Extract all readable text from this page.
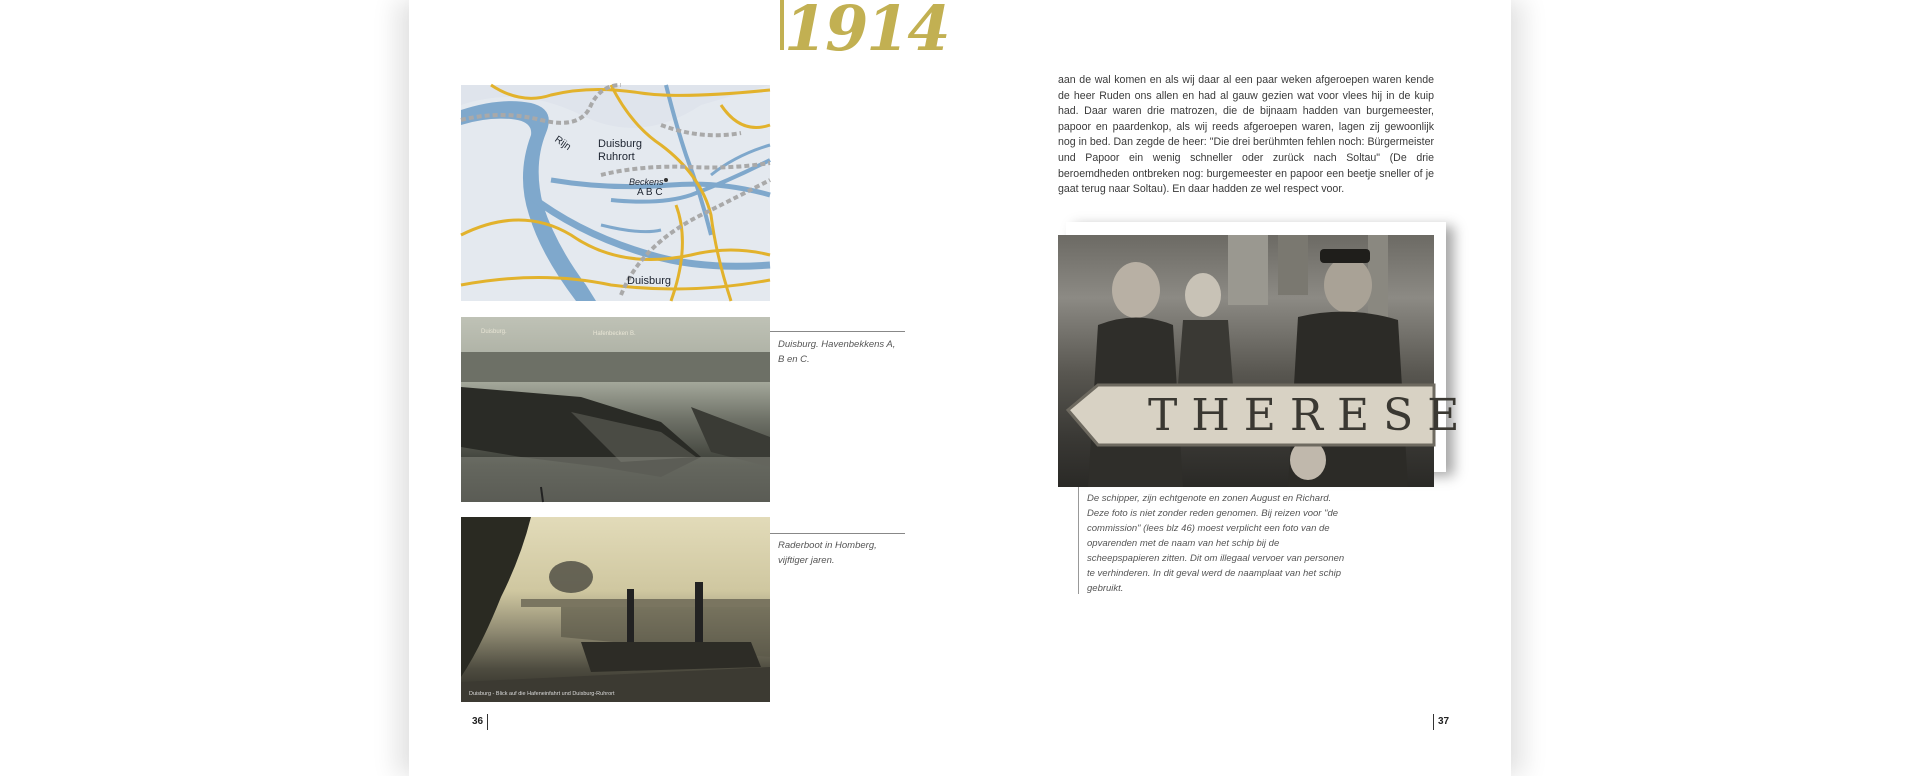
1914
Rijn Duisburg
Ruhrort
Beckens
A B C
Duisburg
Duisburg.	Hafenbecken B.

Duisburg. Havenbekkens A, B en C.

Duisburg - Blick auf die Hafeneinfahrt und Duisburg-Ruhrort

Raderboot in Homberg, vijftiger jaren.

36

aan de wal komen en als wij daar al een paar weken afgeroepen waren kende de heer Ruden ons allen en had al gauw gezien wat voor vlees hij in de kuip had. Daar waren drie matrozen, die de bijnaam hadden van burgemeester, papoor en paardenkop, als wij reeds afgeroepen waren, lagen zij gewoonlijk nog in bed. Dan zegde de heer: "Die drei berühmten fehlen noch: Bürgermeister und Papoor ein wenig schneller oder zurück nach Soltau" (De drie beroemdheden ontbreken nog: burgemeester en papoor een beetje sneller of je gaat terug naar Soltau). En daar hadden ze wel respect voor.

THERESE

De schipper, zijn echtgenote en zonen August en Richard. Deze foto is niet zonder reden genomen. Bij reizen voor "de commission" (lees blz 46) moest verplicht een foto van de opvarenden met de naam van het schip bij de scheepspapieren zitten. Dit om illegaal vervoer van personen te verhinderen. In dit geval werd de naamplaat van het schip gebruikt.

37
